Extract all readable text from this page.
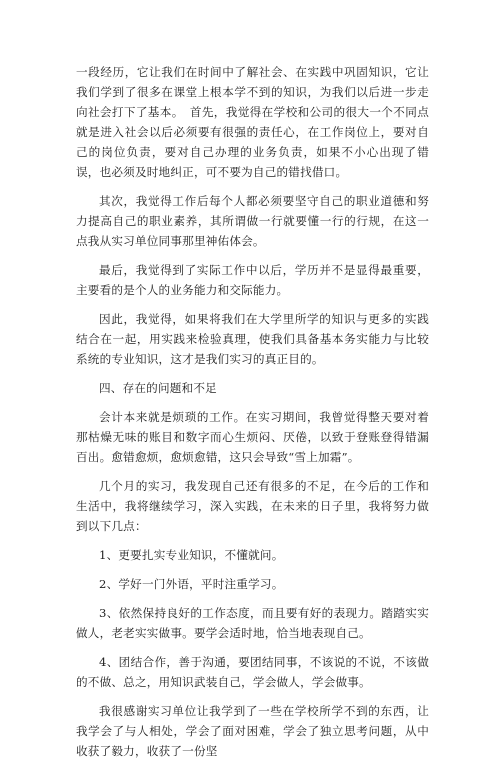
一段经历，它让我们在时间中了解社会、在实践中巩固知识，它让我们学到了很多在课堂上根本学不到的知识，为我们以后进一步走向社会打下了基本。　首先，我觉得在学校和公司的很大一个不同点就是进入社会以后必须要有很强的责任心，在工作岗位上，要对自己的岗位负责，要对自己办理的业务负责，如果不小心出现了错误，也必须及时地纠正，可不要为自己的错找借口。

其次，我觉得工作后每个人都必须要坚守自己的职业道德和努力提高自己的职业素养，其所谓做一行就要懂一行的行规，在这一点我从实习单位同事那里神佑体会。

最后，我觉得到了实际工作中以后，学历并不是显得最重要，主要看的是个人的业务能力和交际能力。

因此，我觉得，如果将我们在大学里所学的知识与更多的实践结合在一起，用实践来检验真理，使我们具备基本务实能力与比较系统的专业知识，这才是我们实习的真正目的。

四、存在的问题和不足

会计本来就是烦琐的工作。在实习期间，我曾觉得整天要对着那枯燥无味的账目和数字而心生烦闷、厌倦，以致于登账登得错漏百出。愈错愈烦，愈烦愈错，这只会导致“雪上加霜”。

几个月的实习，我发现自己还有很多的不足，在今后的工作和生活中，我将继续学习，深入实践，在未来的日子里，我将努力做到以下几点：

1、更要扎实专业知识，不懂就问。

2、学好一门外语，平时注重学习。

3、依然保持良好的工作态度，而且要有好的表现力。踏踏实实做人，老老实实做事。要学会适时地，恰当地表现自己。

4、团结合作，善于沟通，要团结同事，不该说的不说，不该做的不做、总之，用知识武装自己，学会做人，学会做事。

我很感谢实习单位让我学到了一些在学校所学不到的东西，让我学会了与人相处，学会了面对困难，学会了独立思考问题，从中收获了毅力，收获了一份坚
